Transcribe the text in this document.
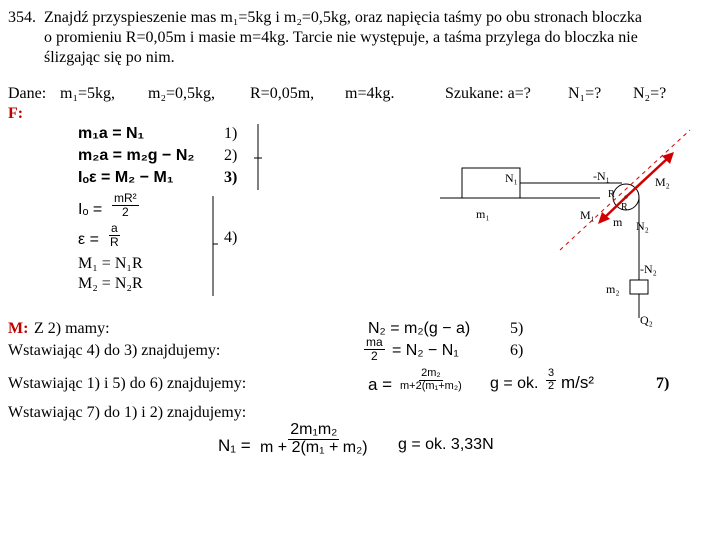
354. Znajdź przyspieszenie mas m₁=5kg i m₂=0,5kg, oraz napięcia taśmy po obu stronach bloczka
o promieniu R=0,05m i masie m=4kg. Tarcie nie występuje, a taśma przylega do bloczka nie
ślizgając się po nim.
Dane: m₁=5kg, m₂=0,5kg, R=0,05m, m=4kg.	Szukane: a=? N₁=? N₂=?
F:
m₁a = N₁	1)
m₂a = m₂g − N₂ 2)
Iₒε = M₂ − M₁	3)
$I_o = \frac{\text{mR²}}{2}$
$\varepsilon = \frac{a}{R}$	4)
M₁ = N₁R
M₂ = N₂R
M: Z 2) mamy:	N₂ = m₂(g − a) 5)
Wstawiając 4) do 3) znajdujemy:	$\frac{ma}{2} = N_2 - N_1$	6)
Wstawiając 1) i 5) do 6) znajdujemy:	$a = \frac{\text{2m₂}}{\text{m+2(m₁+m₂)}}$ g = ok. $\frac{3}{2} m/s^2$	7)
Wstawiając 7) do 1) i 2) znajdujemy:
$N_1 = \frac{\text{2m₁m₂}}{\text{m + 2(m₁ + m₂)}}$ g = ok. 3,33N
N₁
m₁
-N₁
M₁
R
R
m
M₂
N₂
-N₂
m₂
Q₂
